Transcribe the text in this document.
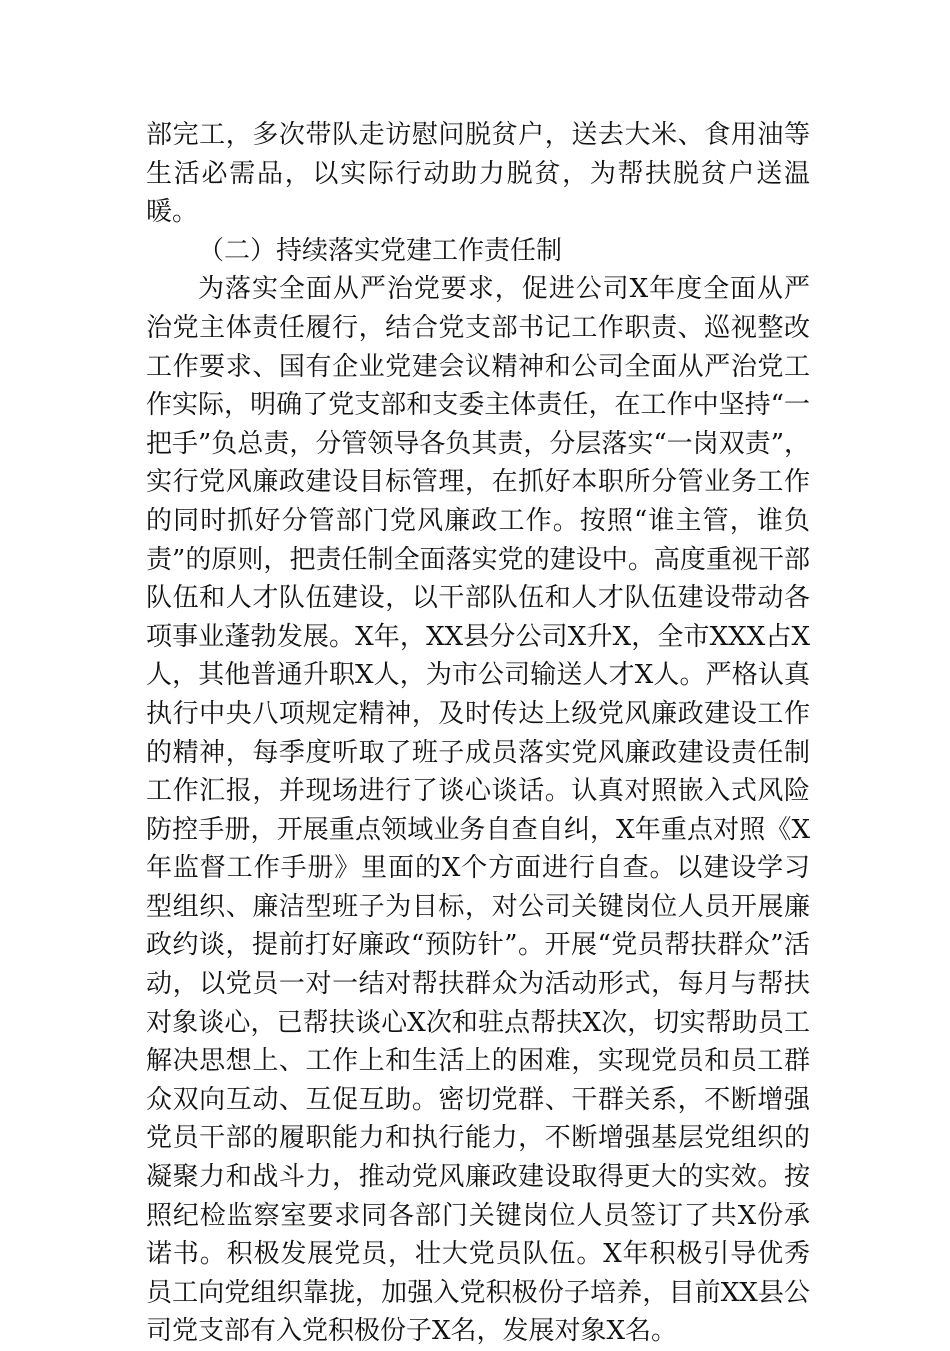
部完工，多次带队走访慰问脱贫户，送去大米、食用油等生活必需品，以实际行动助力脱贫，为帮扶脱贫户送温暖。

（二）持续落实党建工作责任制

为落实全面从严治党要求，促进公司X年度全面从严治党主体责任履行，结合党支部书记工作职责、巡视整改工作要求、国有企业党建会议精神和公司全面从严治党工作实际，明确了党支部和支委主体责任，在工作中坚持“一把手”负总责，分管领导各负其责，分层落实“一岗双责”，实行党风廉政建设目标管理，在抓好本职所分管业务工作的同时抓好分管部门党风廉政工作。按照“谁主管，谁负责”的原则，把责任制全面落实党的建设中。高度重视干部队伍和人才队伍建设，以干部队伍和人才队伍建设带动各项事业蓬勃发展。X年，XX县分公司X升X，全市XXX占X人，其他普通升职X人，为市公司输送人才X人。严格认真执行中央八项规定精神，及时传达上级党风廉政建设工作的精神，每季度听取了班子成员落实党风廉政建设责任制工作汇报，并现场进行了谈心谈话。认真对照嵌入式风险防控手册，开展重点领域业务自查自纠，X年重点对照《X年监督工作手册》里面的X个方面进行自查。以建设学习型组织、廉洁型班子为目标，对公司关键岗位人员开展廉政约谈，提前打好廉政“预防针”。开展“党员帮扶群众”活动，以党员一对一结对帮扶群众为活动形式，每月与帮扶对象谈心，已帮扶谈心X次和驻点帮扶X次，切实帮助员工解决思想上、工作上和生活上的困难，实现党员和员工群众双向互动、互促互助。密切党群、干群关系，不断增强党员干部的履职能力和执行能力，不断增强基层党组织的凝聚力和战斗力，推动党风廉政建设取得更大的实效。按照纪检监察室要求同各部门关键岗位人员签订了共X份承诺书。积极发展党员，壮大党员队伍。X年积极引导优秀员工向党组织靠拢，加强入党积极份子培养，目前XX县公司党支部有入党积极份子X名，发展对象X名。
